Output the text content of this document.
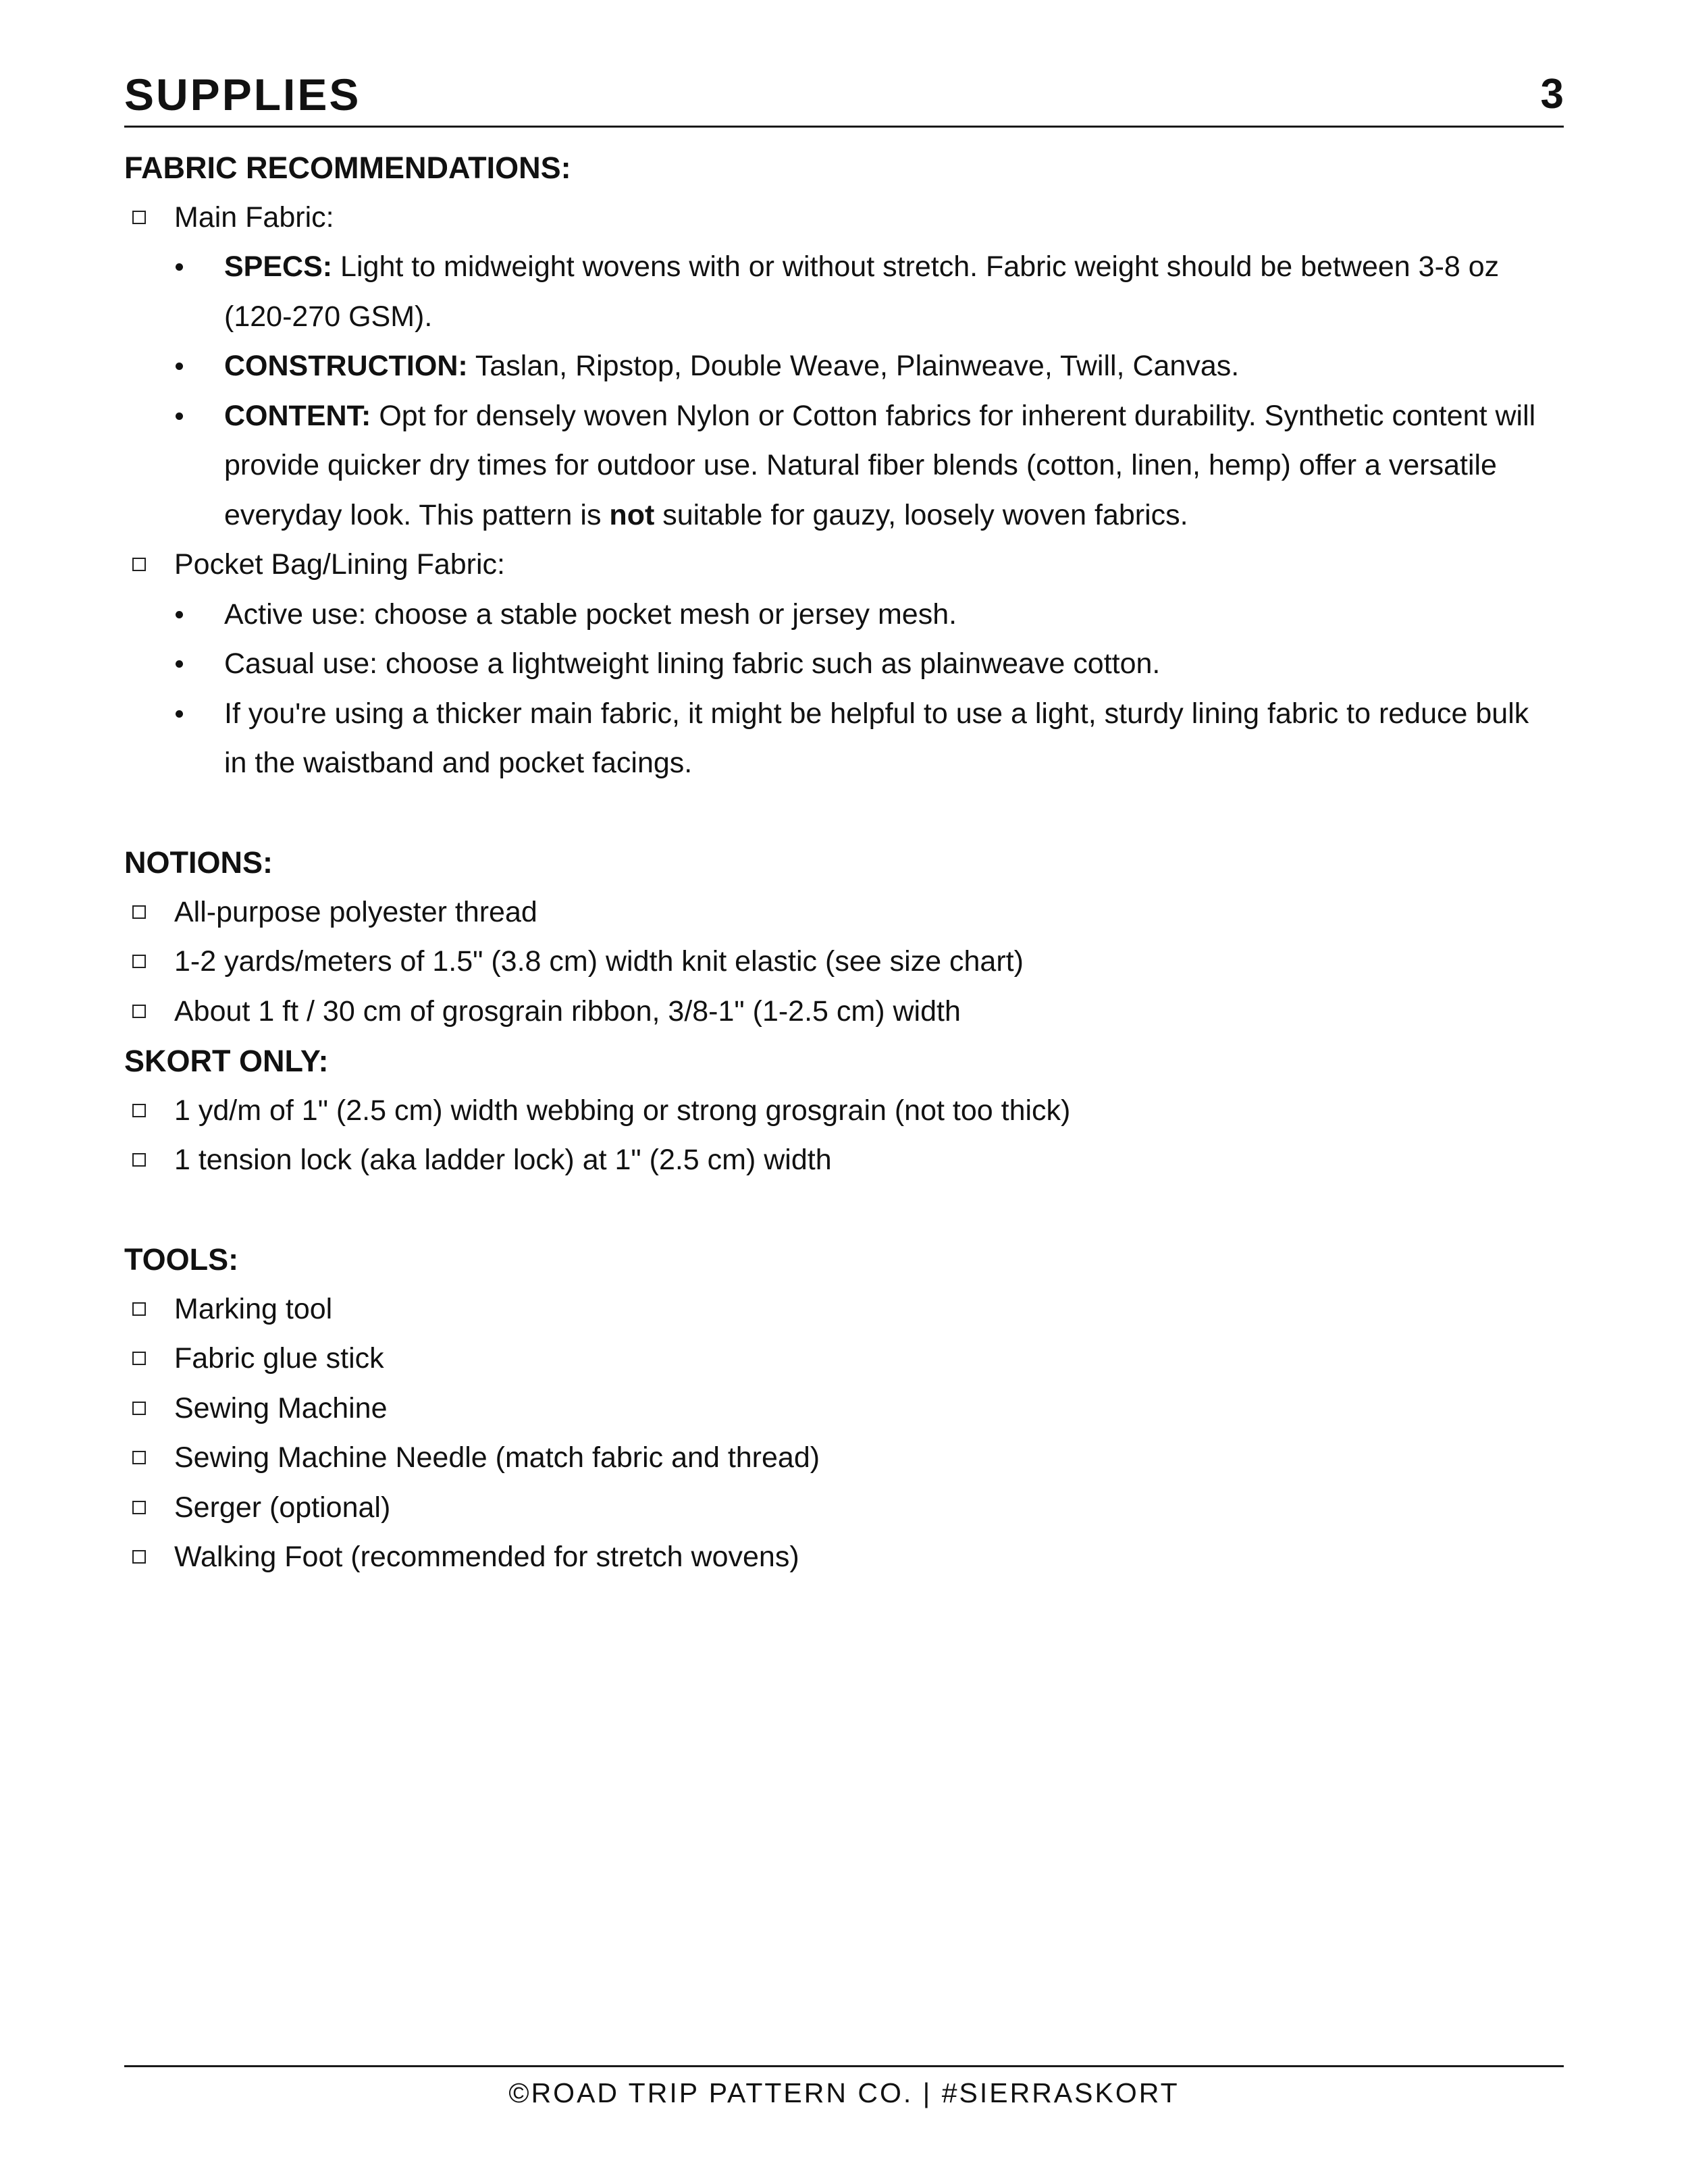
SUPPLIES	3
FABRIC RECOMMENDATIONS:
Main Fabric:
SPECS: Light to midweight wovens with or without stretch. Fabric weight should be between 3-8 oz (120-270 GSM).
CONSTRUCTION: Taslan, Ripstop, Double Weave, Plainweave, Twill, Canvas.
CONTENT: Opt for densely woven Nylon or Cotton fabrics for inherent durability. Synthetic content will provide quicker dry times for outdoor use. Natural fiber blends (cotton, linen, hemp) offer a versatile everyday look. This pattern is not suitable for gauzy, loosely woven fabrics.
Pocket Bag/Lining Fabric:
Active use: choose a stable pocket mesh or jersey mesh.
Casual use: choose a lightweight lining fabric such as plainweave cotton.
If you're using a thicker main fabric, it might be helpful to use a light, sturdy lining fabric to reduce bulk in the waistband and pocket facings.
NOTIONS:
All-purpose polyester thread
1-2 yards/meters of 1.5" (3.8 cm) width knit elastic (see size chart)
About 1 ft / 30 cm of grosgrain ribbon, 3/8-1" (1-2.5 cm) width
SKORT ONLY:
1 yd/m of 1" (2.5 cm) width webbing or strong grosgrain (not too thick)
1 tension lock (aka ladder lock) at 1" (2.5 cm) width
TOOLS:
Marking tool
Fabric glue stick
Sewing Machine
Sewing Machine Needle (match fabric and thread)
Serger (optional)
Walking Foot (recommended for stretch wovens)
©ROAD TRIP PATTERN CO. | #SIERRASKORT
